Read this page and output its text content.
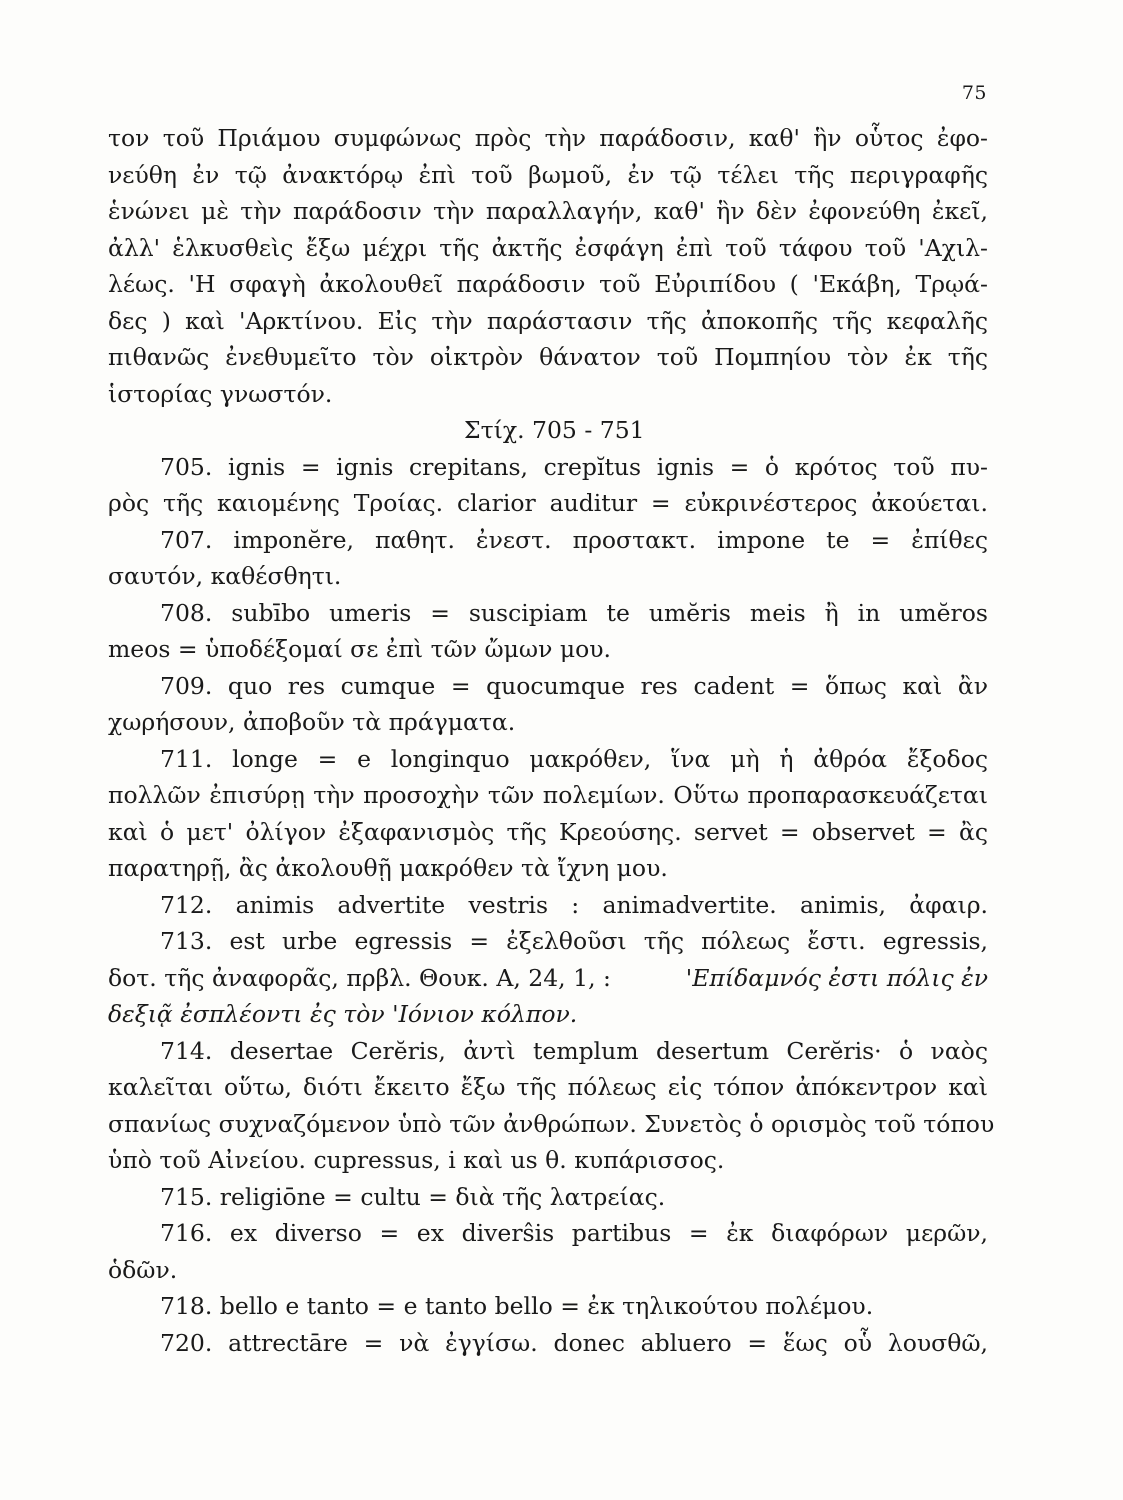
75
τον τοῦ Πριάμου συμφώνως πρὸς τὴν παράδοσιν, καθ' ἣν οὗτος ἐφο-
νεύθη ἐν τῷ ἀνακτόρῳ ἐπὶ τοῦ βωμοῦ, ἐν τῷ τέλει τῆς περιγραφῆς
ἑνώνει μὲ τὴν παράδοσιν τὴν παραλλαγήν, καθ' ἣν δὲν ἐφονεύθη ἐκεῖ,
ἀλλ' ἑλκυσθεὶς ἔξω μέχρι τῆς ἀκτῆς ἐσφάγη ἐπὶ τοῦ τάφου τοῦ 'Αχιλ-
λέως. 'Η σφαγὴ ἀκολουθεῖ παράδοσιν τοῦ Εὐριπίδου ( 'Εκάβη, Τρῳά-
δες ) καὶ 'Αρκτίνου. Εἰς τὴν παράστασιν τῆς ἀποκοπῆς τῆς κεφαλῆς
πιθανῶς ἐνεθυμεῖτο τὸν οἰκτρὸν θάνατον τοῦ Πομπηίου τὸν ἐκ τῆς
ἱστορίας γνωστόν.
Στίχ. 705 - 751
705. ignis = ignis crepitans, crepĭtus ignis = ὁ κρότος τοῦ πυ-
ρὸς τῆς καιομένης Τροίας. clarior auditur = εὐκρινέστερος ἀκούεται.
707. imponĕre, παθητ. ἐνεστ. προστακτ. impone te = ἐπίθες
σαυτόν, καθέσθητι.
708. subībo umeris = suscipiam te umĕris meis ἢ in umĕros
meos = ὑποδέξομαί σε ἐπὶ τῶν ὤμων μου.
709. quo res cumque = quocumque res cadent = ὅπως καὶ ἂν
χωρήσουν, ἀποβοῦν τὰ πράγματα.
711. longe = e longinquo μακρόθεν, ἵνα μὴ ἡ ἀθρόα ἔξοδος
πολλῶν ἐπισύρῃ τὴν προσοχὴν τῶν πολεμίων. Οὕτω προπαρασκευάζεται
καὶ ὁ μετ' ὀλίγον ἐξαφανισμὸς τῆς Κρεούσης. servet = observet = ἂς
παρατηρῇ, ἂς ἀκολουθῇ μακρόθεν τὰ ἴχνη μου.
712. animis advertite vestris : animadvertite. animis, ἀφαιρ.
713. est urbe egressis = ἐξελθοῦσι τῆς πόλεως ἔστι. egressis,
δοτ. τῆς ἀναφορᾶς, πρβλ. Θουκ. Α, 24, 1, :	'Επίδαμνός ἐστι πόλις ἐν
δεξιᾷ ἐσπλέοντι ἐς τὸν 'Ιόνιον κόλπον.
714. desertae Cerĕris, ἀντὶ templum desertum Cerĕris· ὁ ναὸς
καλεῖται οὕτω, διότι ἔκειτο ἔξω τῆς πόλεως εἰς τόπον ἀπόκεντρον καὶ
σπανίως συχναζόμενον ὑπὸ τῶν ἀνθρώπων. Συνετὸς ὁ ορισμὸς τοῦ τόπου
ὑπὸ τοῦ Αἰνείου. cupressus, i καὶ us θ. κυπάρισσος.
715. religiōne = cultu = διὰ τῆς λατρείας.
716. ex diverso = ex diverŝis partibus = ἐκ διαφόρων μερῶν,
ὁδῶν.
718. bello e tanto = e tanto bello = ἐκ τηλικούτου πολέμου.
720. attrectāre = νὰ ἐγγίσω. donec abluero = ἕως οὗ λουσθῶ,
